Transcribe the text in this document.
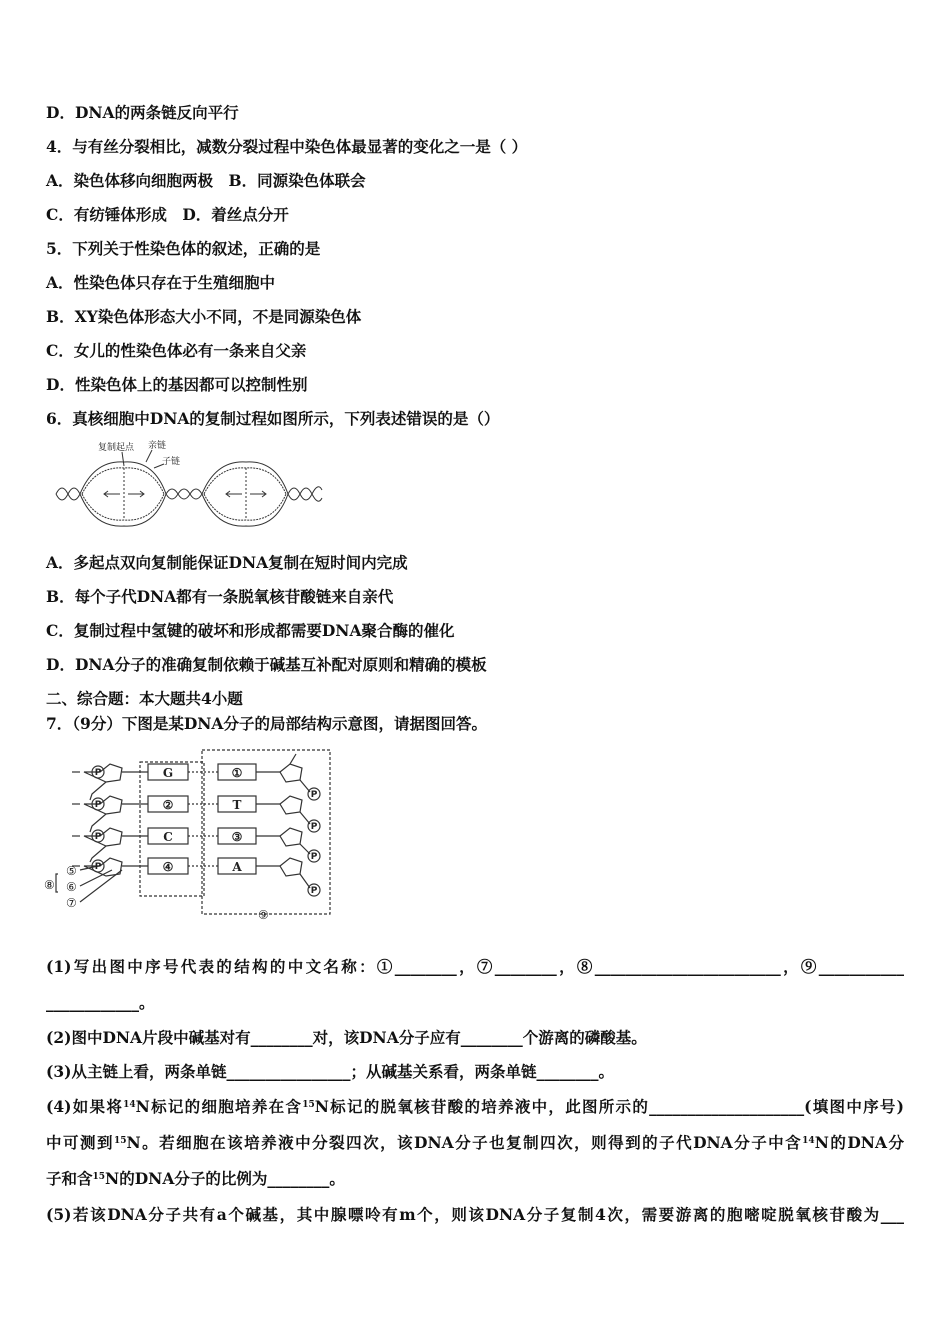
D．DNA的两条链反向平行
4．与有丝分裂相比，减数分裂过程中染色体最显著的变化之一是（ ）
A．染色体移向细胞两极　B．同源染色体联会
C．有纺锤体形成　D．着丝点分开
5．下列关于性染色体的叙述，正确的是
A．性染色体只存在于生殖细胞中
B．XY染色体形态大小不同，不是同源染色体
C．女儿的性染色体必有一条来自父亲
D．性染色体上的基因都可以控制性别
6．真核细胞中DNA的复制过程如图所示，下列表述错误的是（）
复制起点 亲链
子链
A．多起点双向复制能保证DNA复制在短时间内完成
B．每个子代DNA都有一条脱氧核苷酸链来自亲代
C．复制过程中氢键的破坏和形成都需要DNA聚合酶的催化
D．DNA分子的准确复制依赖于碱基互补配对原则和精确的模板
二、综合题：本大题共4小题
7．（9分）下图是某DNA分子的局部结构示意图，请据图回答。
P
P
P
P
P
P
P
P
G
②
C
④
①
T
③
A
⑤
⑥
⑦
⑧
⑨
(1)写出图中序号代表的结构的中文名称：①________，⑦________，⑧________________________，⑨___________
____________。
(2)图中DNA片段中碱基对有________对，该DNA分子应有________个游离的磷酸基。
(3)从主链上看，两条单链________________；从碱基关系看，两条单链________。
(4)如果将$^{14}$N标记的细胞培养在含$^{15}$N标记的脱氧核苷酸的培养液中，此图所示的____________________(填图中序号)
中可测到$^{15}$N。若细胞在该培养液中分裂四次，该DNA分子也复制四次，则得到的子代DNA分子中含$^{14}$N的DNA分
子和含$^{15}$N的DNA分子的比例为________。
(5)若该DNA分子共有a个碱基，其中腺嘌呤有m个，则该DNA分子复制4次，需要游离的胞嘧啶脱氧核苷酸为___
